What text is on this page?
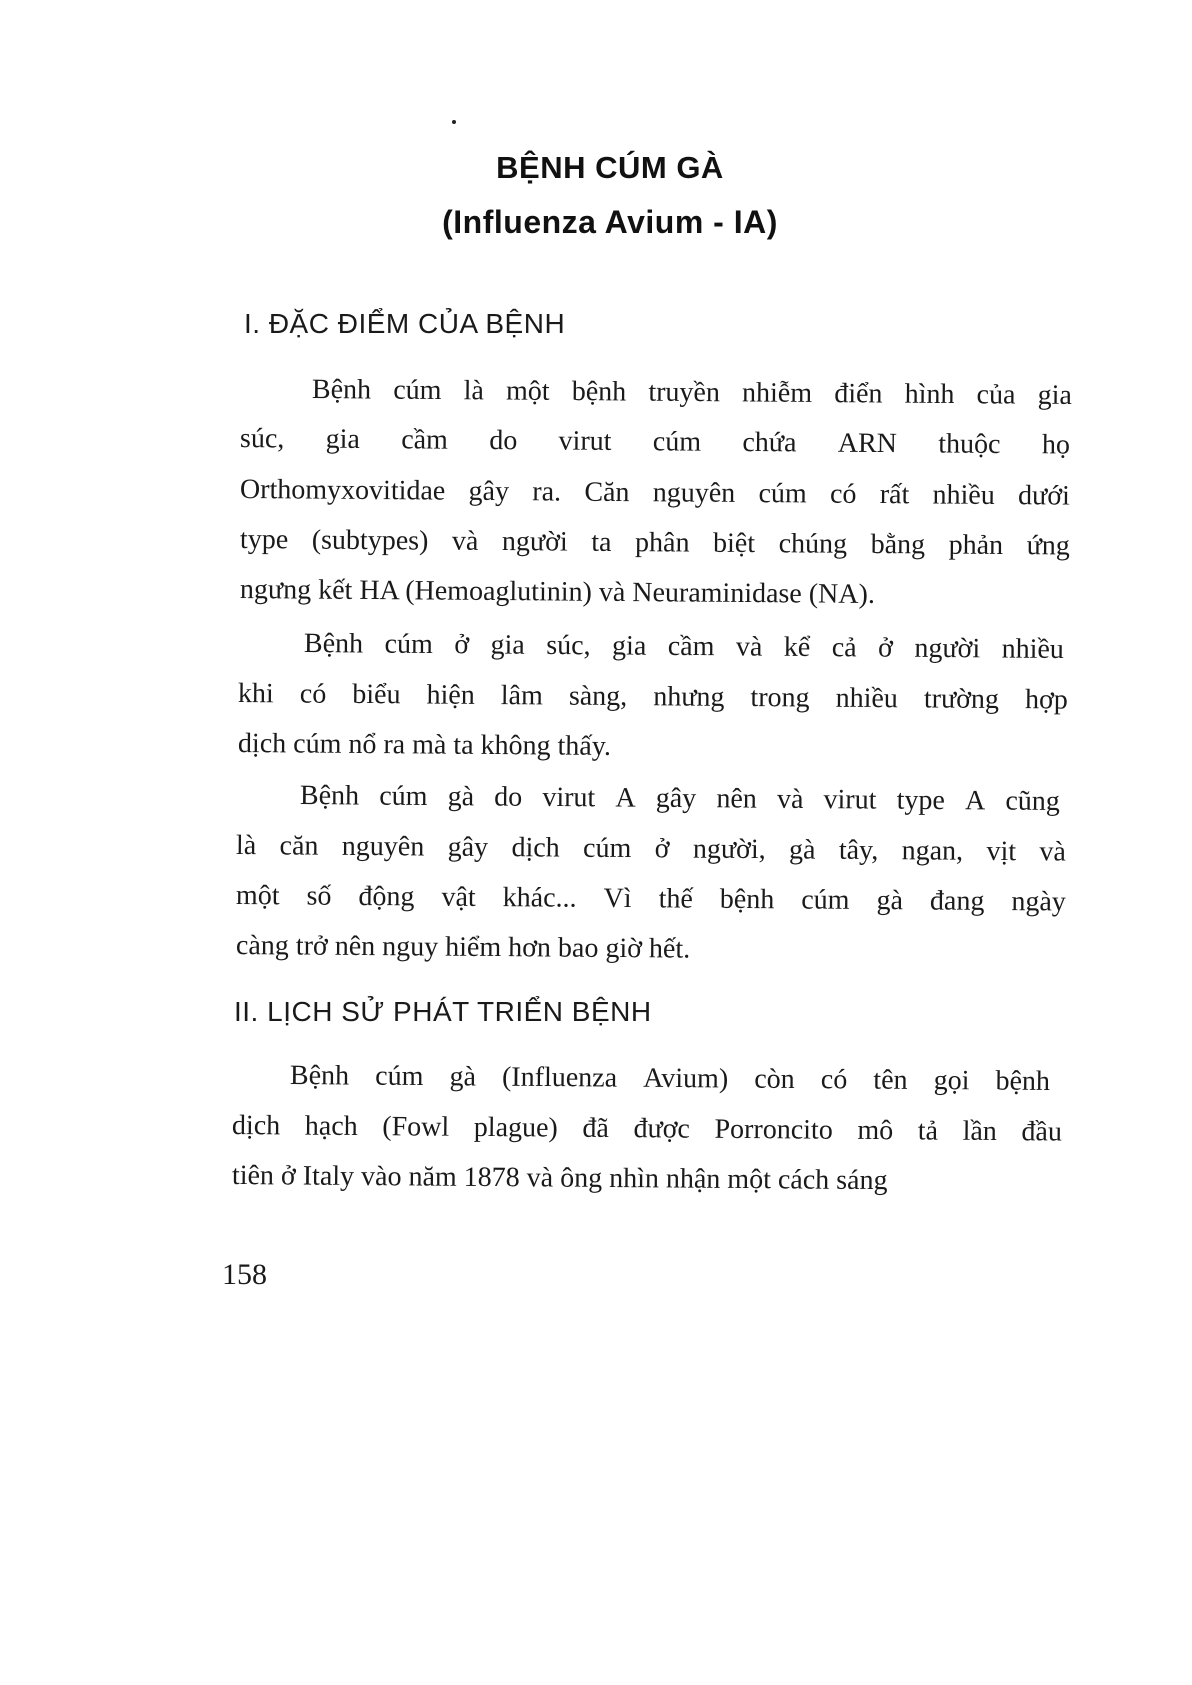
BỆNH CÚM GÀ
(Influenza Avium - IA)
I. ĐẶC ĐIỂM CỦA BỆNH
Bệnh cúm là một bệnh truyền nhiễm điển hình của gia
súc, gia cầm do virut cúm chứa ARN thuộc họ
Orthomyxovitidae gây ra. Căn nguyên cúm có rất nhiều dưới
type (subtypes) và người ta phân biệt chúng bằng phản ứng
ngưng kết HA (Hemoaglutinin) và Neuraminidase (NA).
Bệnh cúm ở gia súc, gia cầm và kể cả ở người nhiều
khi có biểu hiện lâm sàng, nhưng trong nhiều trường hợp
dịch cúm nổ ra mà ta không thấy.
Bệnh cúm gà do virut A gây nên và virut type A cũng
là căn nguyên gây dịch cúm ở người, gà tây, ngan, vịt và
một số động vật khác... Vì thế bệnh cúm gà đang ngày
càng trở nên nguy hiểm hơn bao giờ hết.
II. LỊCH SỬ PHÁT TRIỂN BỆNH
Bệnh cúm gà (Influenza Avium) còn có tên gọi bệnh
dịch hạch (Fowl plague) đã được Porroncito mô tả lần đầu
tiên ở Italy vào năm 1878 và ông nhìn nhận một cách sáng
158
